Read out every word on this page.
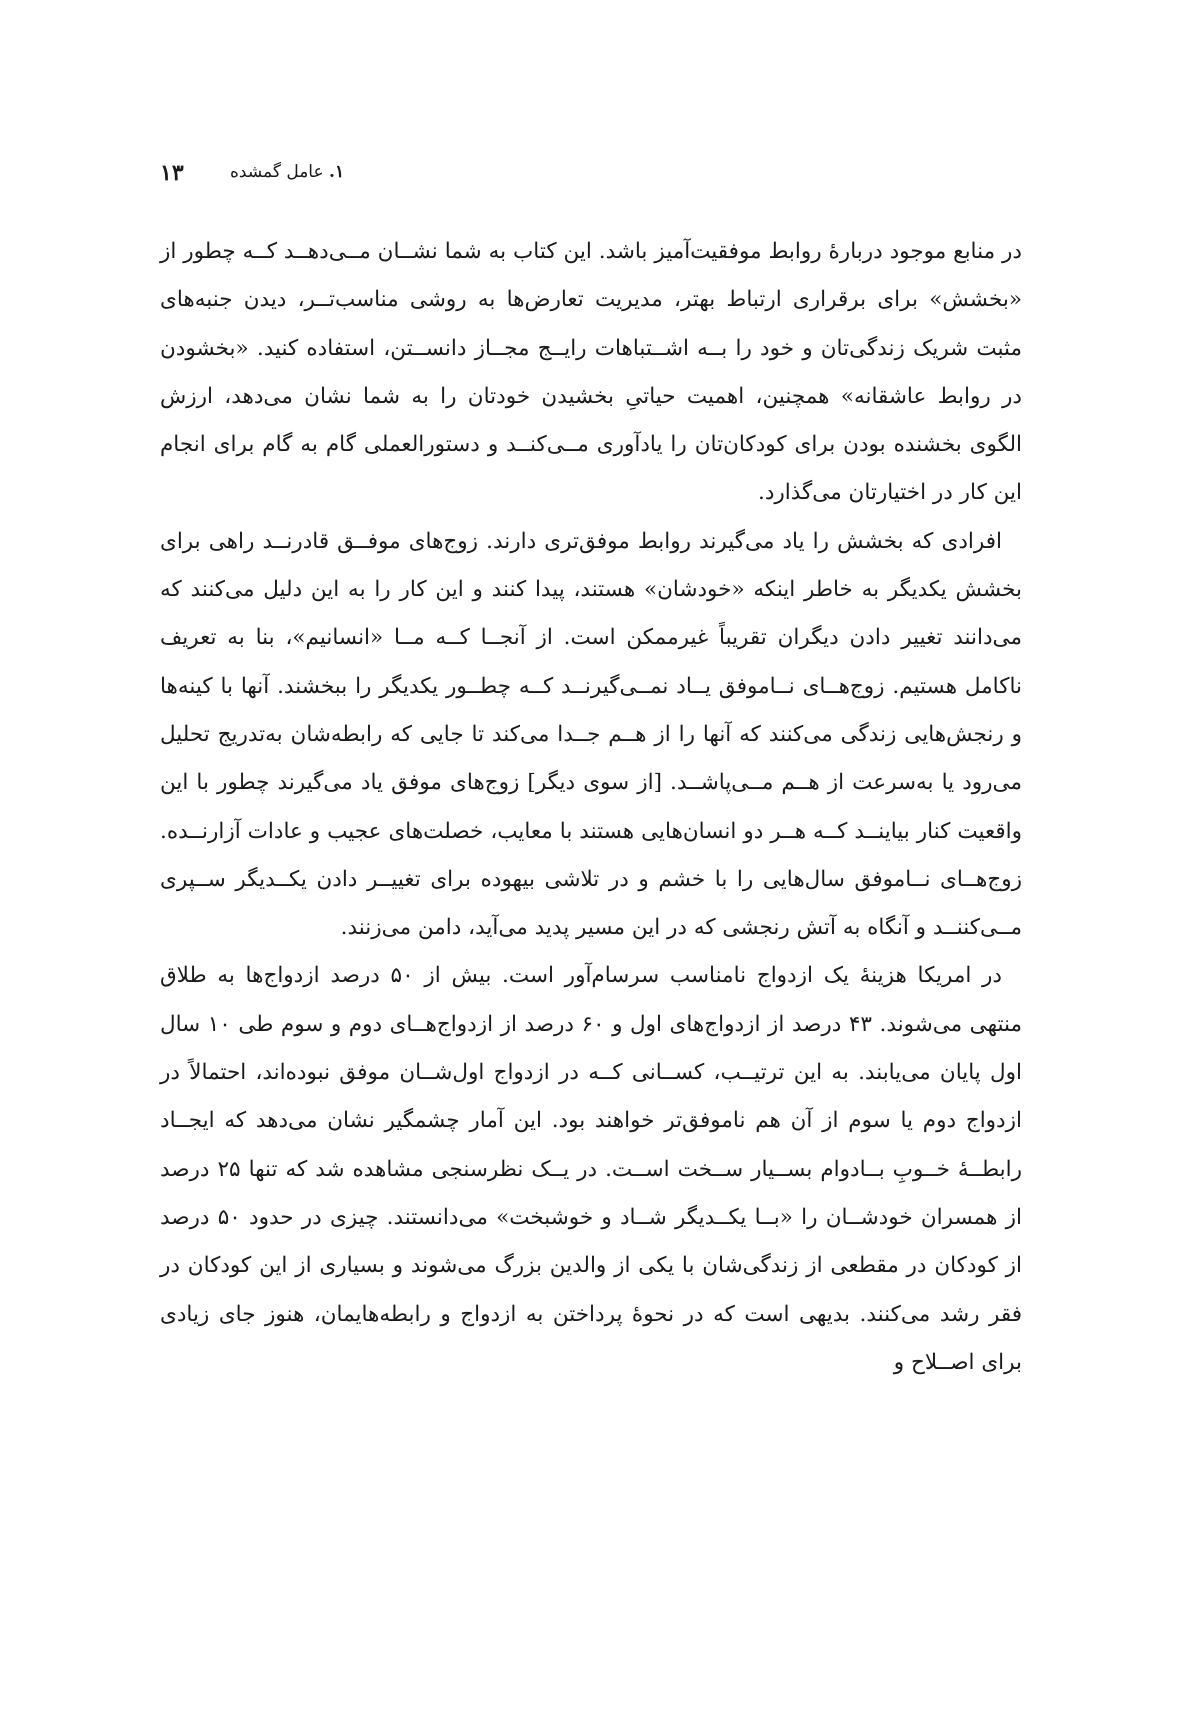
۱۳	۱. عامل گمشده

در منابع موجود دربارهٔ روابط موفقیت‌آمیز باشد. این کتاب به شما نشــان مــی‌دهــد کــه چطور از «بخشش» برای برقراری ارتباط بهتر، مدیریت تعارض‌ها به روشی مناسب‌تــر، دیدن جنبه‌های مثبت شریک زندگی‌تان و خود را بــه اشــتباهات رایــج مجــاز دانســتن، استفاده کنید. «بخشودن در روابط عاشقانه» همچنین، اهمیت حیاتیِ بخشیدن خودتان را به شما نشان می‌دهد، ارزش الگوی بخشنده بودن برای کودکان‌تان را یادآوری مــی‌کنــد و دستورالعملی گام به گام برای انجام این کار در اختیارتان می‌گذارد.

افرادی که بخشش را یاد می‌گیرند روابط موفق‌تری دارند. زوج‌های موفــق قادرنــد راهی برای بخشش یکدیگر به خاطر اینکه «خودشان» هستند، پیدا کنند و این کار را به این دلیل می‌کنند که می‌دانند تغییر دادن دیگران تقریباً غیرممکن است. از آنجــا کــه مــا «انسانیم»، بنا به تعریف ناکامل هستیم. زوج‌هــای نــاموفق یــاد نمــی‌گیرنــد کــه چطــور یکدیگر را ببخشند. آنها با کینه‌ها و رنجش‌هایی زندگی می‌کنند که آنها را از هــم جــدا می‌کند تا جایی که رابطه‌شان به‌تدریج تحلیل می‌رود یا به‌سرعت از هــم مــی‌پاشــد. [از سوی دیگر] زوج‌های موفق یاد می‌گیرند چطور با این واقعیت کنار بیاینــد کــه هــر دو انسان‌هایی هستند با معایب، خصلت‌های عجیب و عادات آزارنــده. زوج‌هــای نــاموفق سال‌هایی را با خشم و در تلاشی بیهوده برای تغییــر دادن یکــدیگر ســپری مــی‌کننــد و آنگاه به آتش رنجشی که در این مسیر پدید می‌آید، دامن می‌زنند.

در امریکا هزینهٔ یک ازدواج نامناسب سرسام‌آور است. بیش از ۵۰ درصد ازدواج‌ها به طلاق منتهی می‌شوند. ۴۳ درصد از ازدواج‌های اول و ۶۰ درصد از ازدواج‌هــای دوم و سوم طی ۱۰ سال اول پایان می‌یابند. به این ترتیــب، کســانی کــه در ازدواج اول‌شــان موفق نبوده‌اند، احتمالاً در ازدواج دوم یا سوم از آن هم ناموفق‌تر خواهند بود. این آمار چشمگیر نشان می‌دهد که ایجــاد رابطــهٔ خــوبِ بــادوام بســیار ســخت اســت. در یــک نظرسنجی مشاهده شد که تنها ۲۵ درصد از همسران خودشــان را «بــا یکــدیگر شــاد و خوشبخت» می‌دانستند. چیزی در حدود ۵۰ درصد از کودکان در مقطعی از زندگی‌شان با یکی از والدین بزرگ می‌شوند و بسیاری از این کودکان در فقر رشد می‌کنند. بدیهی است که در نحوهٔ پرداختن به ازدواج و رابطه‌هایمان، هنوز جای زیادی برای اصــلاح و
